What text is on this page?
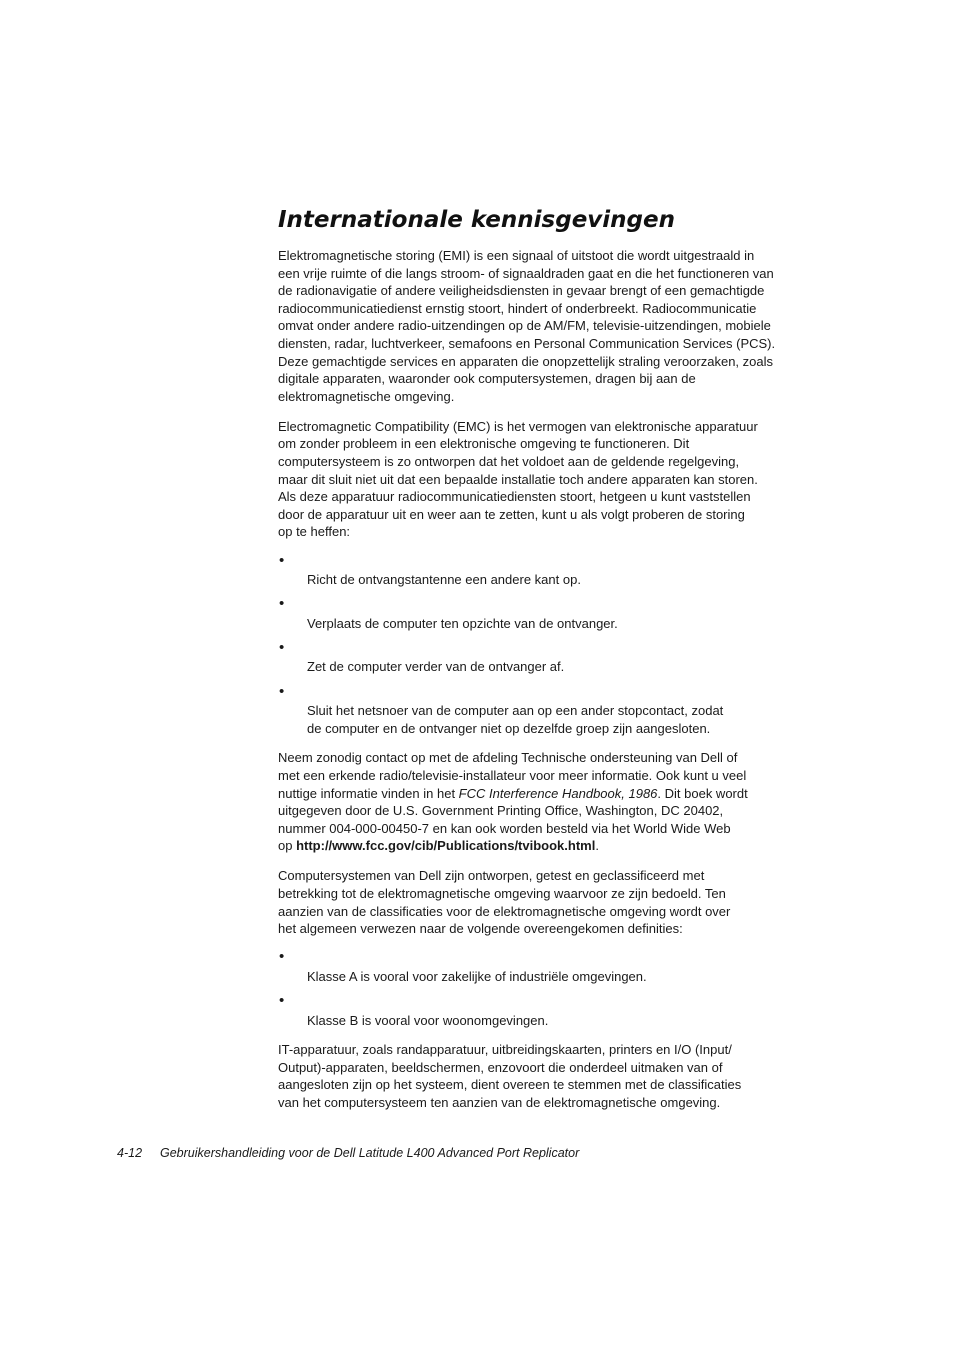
Internationale kennisgevingen

Elektromagnetische storing (EMI) is een signaal of uitstoot die wordt uitgestraald in
een vrije ruimte of die langs stroom- of signaaldraden gaat en die het functioneren van
de radionavigatie of andere veiligheidsdiensten in gevaar brengt of een gemachtigde
radiocommunicatiedienst ernstig stoort, hindert of onderbreekt. Radiocommunicatie
omvat onder andere radio-uitzendingen op de AM/FM, televisie-uitzendingen, mobiele
diensten, radar, luchtverkeer, semafoons en Personal Communication Services (PCS).
Deze gemachtigde services en apparaten die onopzettelijk straling veroorzaken, zoals
digitale apparaten, waaronder ook computersystemen, dragen bij aan de
elektromagnetische omgeving.

Electromagnetic Compatibility (EMC) is het vermogen van elektronische apparatuur
om zonder probleem in een elektronische omgeving te functioneren. Dit
computersysteem is zo ontworpen dat het voldoet aan de geldende regelgeving,
maar dit sluit niet uit dat een bepaalde installatie toch andere apparaten kan storen.
Als deze apparatuur radiocommunicatiediensten stoort, hetgeen u kunt vaststellen
door de apparatuur uit en weer aan te zetten, kunt u als volgt proberen de storing
op te heffen:

•
Richt de ontvangstantenne een andere kant op.

•
Verplaats de computer ten opzichte van de ontvanger.

•
Zet de computer verder van de ontvanger af.

•
Sluit het netsnoer van de computer aan op een ander stopcontact, zodat
de computer en de ontvanger niet op dezelfde groep zijn aangesloten.

Neem zonodig contact op met de afdeling Technische ondersteuning van Dell of
met een erkende radio/televisie-installateur voor meer informatie. Ook kunt u veel
nuttige informatie vinden in het FCC Interference Handbook, 1986. Dit boek wordt
uitgegeven door de U.S. Government Printing Office, Washington, DC 20402,
nummer 004-000-00450-7 en kan ook worden besteld via het World Wide Web
op http://www.fcc.gov/cib/Publications/tvibook.html.

Computersystemen van Dell zijn ontworpen, getest en geclassificeerd met
betrekking tot de elektromagnetische omgeving waarvoor ze zijn bedoeld. Ten
aanzien van de classificaties voor de elektromagnetische omgeving wordt over
het algemeen verwezen naar de volgende overeengekomen definities:

•
Klasse A is vooral voor zakelijke of industriële omgevingen.

•
Klasse B is vooral voor woonomgevingen.

IT-apparatuur, zoals randapparatuur, uitbreidingskaarten, printers en I/O (Input/
Output)-apparaten, beeldschermen, enzovoort die onderdeel uitmaken van of
aangesloten zijn op het systeem, dient overeen te stemmen met de classificaties
van het computersysteem ten aanzien van de elektromagnetische omgeving.

4-12 Gebruikershandleiding voor de Dell Latitude L400 Advanced Port Replicator
